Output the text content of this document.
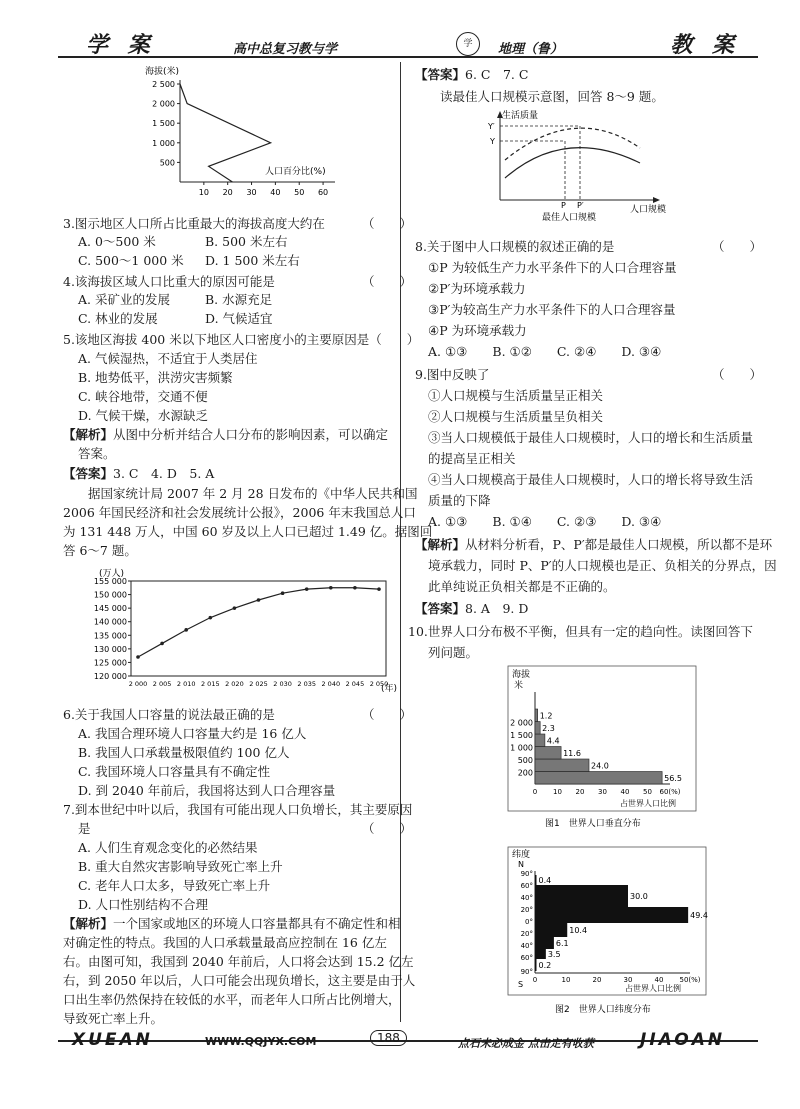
学 案	高中总复习教与学	学	地理（鲁）	教 案
海拔(米)
2 500
2 000
1 500
1 000
500
10 20 30 40 50 60
人口百分比(%)
3.图示地区人口所占比重最大的海拔高度大约在	（　　）
A. 0～500 米	B. 500 米左右
C. 500～1 000 米 D. 1 500 米左右
4.该海拔区域人口比重大的原因可能是	（　　）
A. 采矿业的发展	B. 水源充足
C. 林业的发展	D. 气候适宜
5.该地区海拔 400 米以下地区人口密度小的主要原因是（　　）
A. 气候湿热，不适宜于人类居住
B. 地势低平，洪涝灾害频繁
C. 峡谷地带，交通不便
D. 气候干燥，水源缺乏
【解析】从图中分析并结合人口分布的影响因素，可以确定
答案。
【答案】3. C　4. D　5. A
据国家统计局 2007 年 2 月 28 日发布的《中华人民共和国
2006 年国民经济和社会发展统计公报》，2006 年末我国总人口
为 131 448 万人，中国 60 岁及以上人口已超过 1.49 亿。据图回
答 6～7 题。
(万人)
155 000
150 000
145 000
140 000
135 000
130 000
125 000
120 000
2 000 2 005 2 010 2 015 2 020 2 025 2 030 2 035 2 040 2 045 2 050
(年)
6.关于我国人口容量的说法最正确的是	（　　）
A. 我国合理环境人口容量大约是 16 亿人
B. 我国人口承载量极限值约 100 亿人
C. 我国环境人口容量具有不确定性
D. 到 2040 年前后，我国将达到人口合理容量
7.到本世纪中叶以后，我国有可能出现人口负增长，其主要原因
是	（　　）
A. 人们生育观念变化的必然结果
B. 重大自然灾害影响导致死亡率上升
C. 老年人口太多，导致死亡率上升
D. 人口性别结构不合理
【解析】一个国家或地区的环境人口容量都具有不确定性和相
对确定性的特点。我国的人口承载量最高应控制在 16 亿左
右。由图可知，我国到 2040 年前后，人口将会达到 15.2 亿左
右，到 2050 年以后，人口可能会出现负增长，这主要是由于人
口出生率仍然保持在较低的水平，而老年人口所占比例增大，
导致死亡率上升。
【答案】6. C　7. C
读最佳人口规模示意图，回答 8～9 题。
生活质量
Y′
Y
P P′
最佳人口规模
人口规模
8.关于图中人口规模的叙述正确的是	（　　）
①P 为较低生产力水平条件下的人口合理容量
②P′为环境承载力
③P′为较高生产力水平条件下的人口合理容量
④P 为环境承载力
A. ①③　　B. ①②　　C. ②④　　D. ③④
9.图中反映了	（　　）
①人口规模与生活质量呈正相关
②人口规模与生活质量呈负相关
③当人口规模低于最佳人口规模时，人口的增长和生活质量
的提高呈正相关
④当人口规模高于最佳人口规模时，人口的增长将导致生活
质量的下降
A. ①③　　B. ①④　　C. ②③　　D. ③④
【解析】从材料分析看，P、P′都是最佳人口规模，所以都不是环
境承载力，同时 P、P′的人口规模也是正、负相关的分界点，因
此单纯说正负相关都是不正确的。
【答案】8. A　9. D
10.世界人口分布极不平衡，但具有一定的趋向性。读图回答下
列问题。
海拔
米
1.2
2.3
4.4
11.6
24.0
56.5
2 000
1 500
1 000
500
200
0 10 20 30 40 50 60(%)
占世界人口比例
图1　世界人口垂直分布
纬度
N
S
0.4
30.0
49.4
10.4
6.1
3.5
0.2
90°
60°
40°
20°
0°
20°
40°
60°
90°
0	10	20	30	40 50(%)
占世界人口比例
图2　世界人口纬度分布
XUEAN	WWW.QQJYX.COM	188	点石未必成金 点击定有收获	JIAOAN
